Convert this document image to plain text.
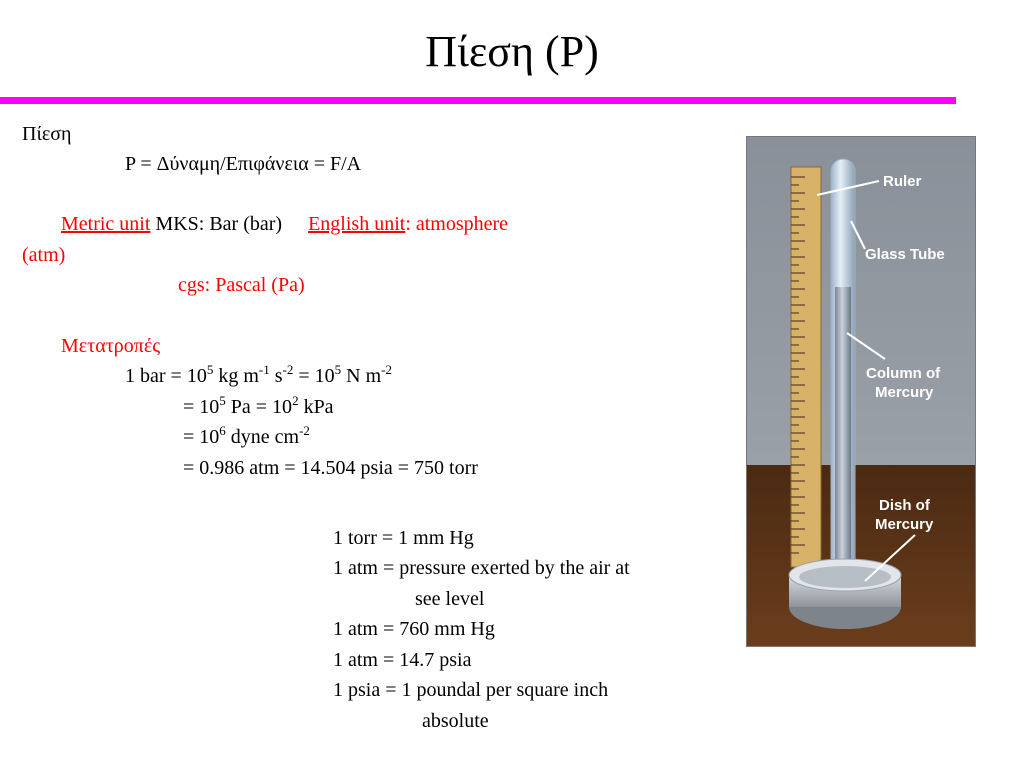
Πίεση (P)
Πίεση
P = Δύναμη/Επιφάνεια = F/A
Metric unit MKS: Bar (bar) English unit: atmosphere
(atm)
cgs: Pascal (Pa)
Μετατροπές
1 bar = $10^5$ kg $m^{-1}$ $s^{-2} = 10^5$ N $m^{-2}$
= $10^5$ $Pa = 10^2$ kPa
= $10^6$ dyne $cm^{-2}$
= 0.986 atm = 14.504 psia = 750 torr
1 torr = 1 mm Hg
1 atm = pressure exerted by the air at
see level
1 atm = 760 mm Hg
1 atm = 14.7 psia
1 psia = 1 poundal per square inch
absolute
Ruler
Glass Tube
Column of
Mercury
Dish of
Mercury
